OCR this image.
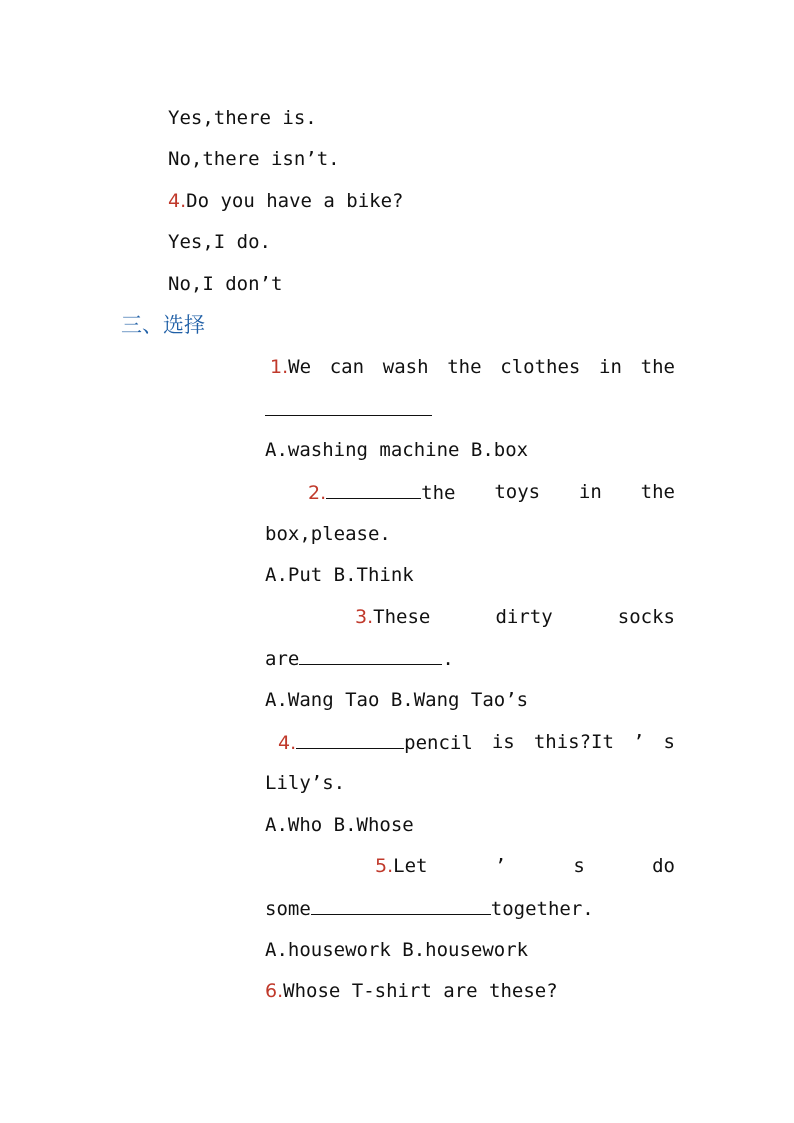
Yes,there is.

No,there isn’t.

4.Do you have a bike?

Yes,I do.

No,I don’t

三、选择

1.We can wash the clothes in the

A.washing machine B.box

2.	the toys in the

box,please.

A.Put B.Think

3.These	dirty	socks

are	.

A.Wang Tao B.Wang Tao’s

4.	pencil is this?It ’ s

Lily’s.

A.Who B.Whose

5.Let	’	s	do

some	together.

A.housework B.housework

6.Whose T-shirt are these?
